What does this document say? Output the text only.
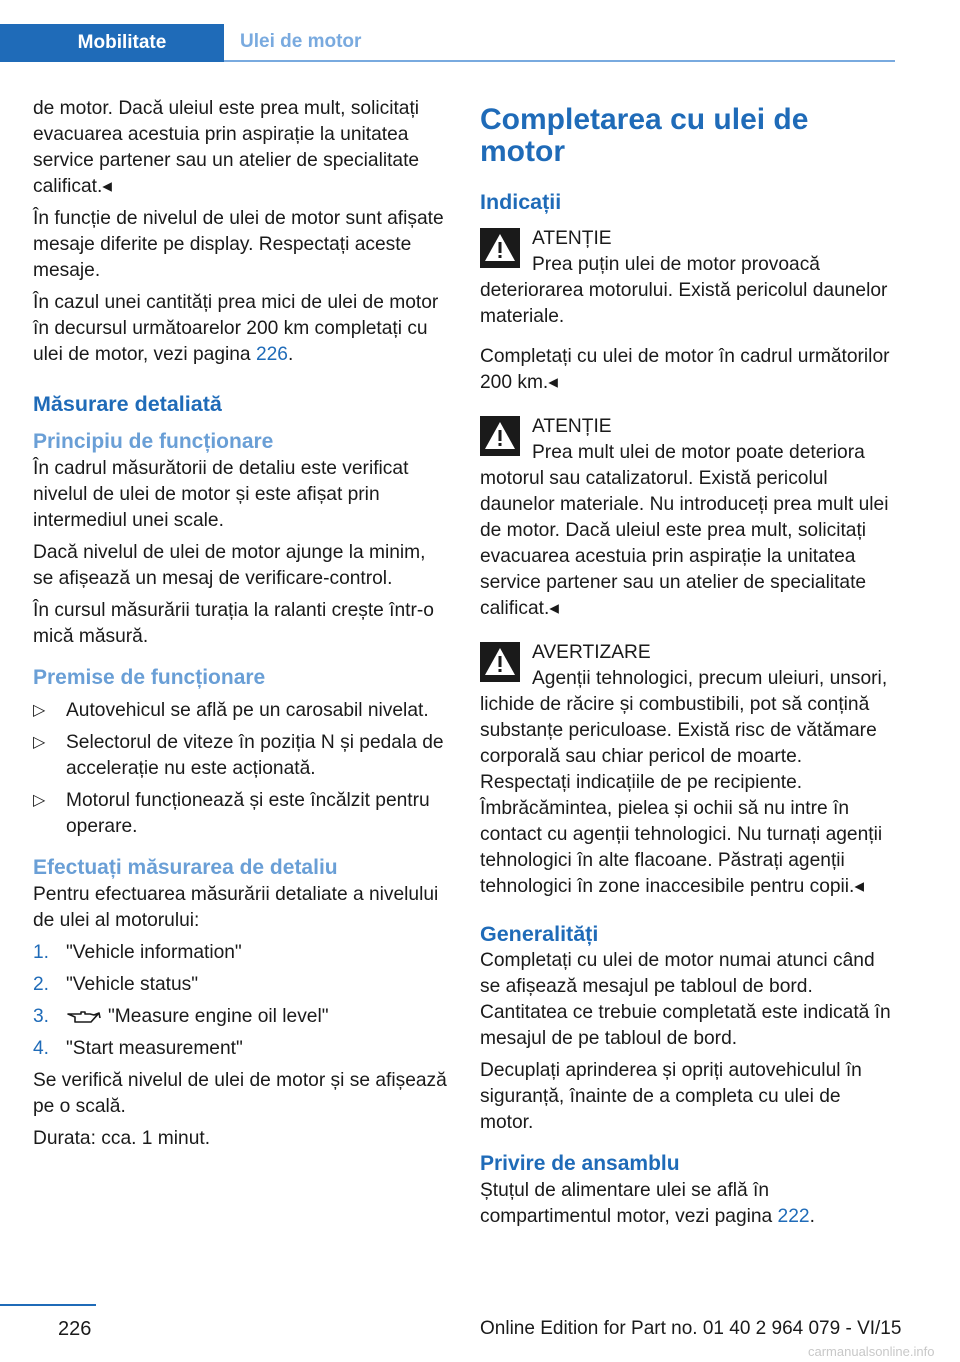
Mobilitate	Ulei de motor

de motor. Dacă uleiul este prea mult, solicitați evacuarea acestuia prin aspirație la unitatea service partener sau un atelier de specialitate calificat.◂

În funcție de nivelul de ulei de motor sunt afișate mesaje diferite pe display. Respectați aceste mesaje.

În cazul unei cantități prea mici de ulei de motor în decursul următoarelor 200 km completați cu ulei de motor, vezi pagina 226.

Măsurare detaliată
Principiu de funcționare

În cadrul măsurătorii de detaliu este verificat nivelul de ulei de motor și este afișat prin intermediul unei scale.

Dacă nivelul de ulei de motor ajunge la minim, se afișează un mesaj de verificare-control.

În cursul măsurării turația la ralanti crește într-o mică măsură.

Premise de funcționare
▷ Autovehicul se află pe un carosabil nivelat.
▷ Selectorul de viteze în poziția N și pedala de accelerație nu este acționată.
▷ Motorul funcționează și este încălzit pentru operare.
Efectuați măsurarea de detaliu

Pentru efectuarea măsurării detaliate a nivelului de ulei al motorului:

1. "Vehicle information"
2. "Vehicle status"
3.	"Measure engine oil level"
4. "Start measurement"

Se verifică nivelul de ulei de motor și se afișează pe o scală.

Durata: cca. 1 minut.

Completarea cu ulei de motor
Indicații
ATENȚIE
Prea puțin ulei de motor provoacă deteriorarea motorului. Există pericolul daunelor materiale.

Completați cu ulei de motor în cadrul următorilor 200 km.◂

ATENȚIE
Prea mult ulei de motor poate deteriora motorul sau catalizatorul. Există pericolul daunelor materiale. Nu introduceți prea mult ulei de motor. Dacă uleiul este prea mult, solicitați evacuarea acestuia prin aspirație la unitatea service partener sau un atelier de specialitate calificat.◂
AVERTIZARE
Agenții tehnologici, precum uleiuri, unsori, lichide de răcire și combustibili, pot să conțină substanțe periculoase. Există risc de vătămare corporală sau chiar pericol de moarte. Respectați indicațiile de pe recipiente. Îmbrăcămintea, pielea și ochii să nu intre în contact cu agenții tehnologici. Nu turnați agenții tehnologici în alte flacoane. Păstrați agenții tehnologici în zone inaccesibile pentru copii.◂
Generalități

Completați cu ulei de motor numai atunci când se afișează mesajul pe tabloul de bord. Cantitatea ce trebuie completată este indicată în mesajul de pe tabloul de bord.

Decuplați aprinderea și opriți autovehiculul în siguranță, înainte de a completa cu ulei de motor.

Privire de ansamblu

Ștuțul de alimentare ulei se află în compartimentul motor, vezi pagina 222.

226	Online Edition for Part no. 01 40 2 964 079 - VI/15
carmanualsonline.info
